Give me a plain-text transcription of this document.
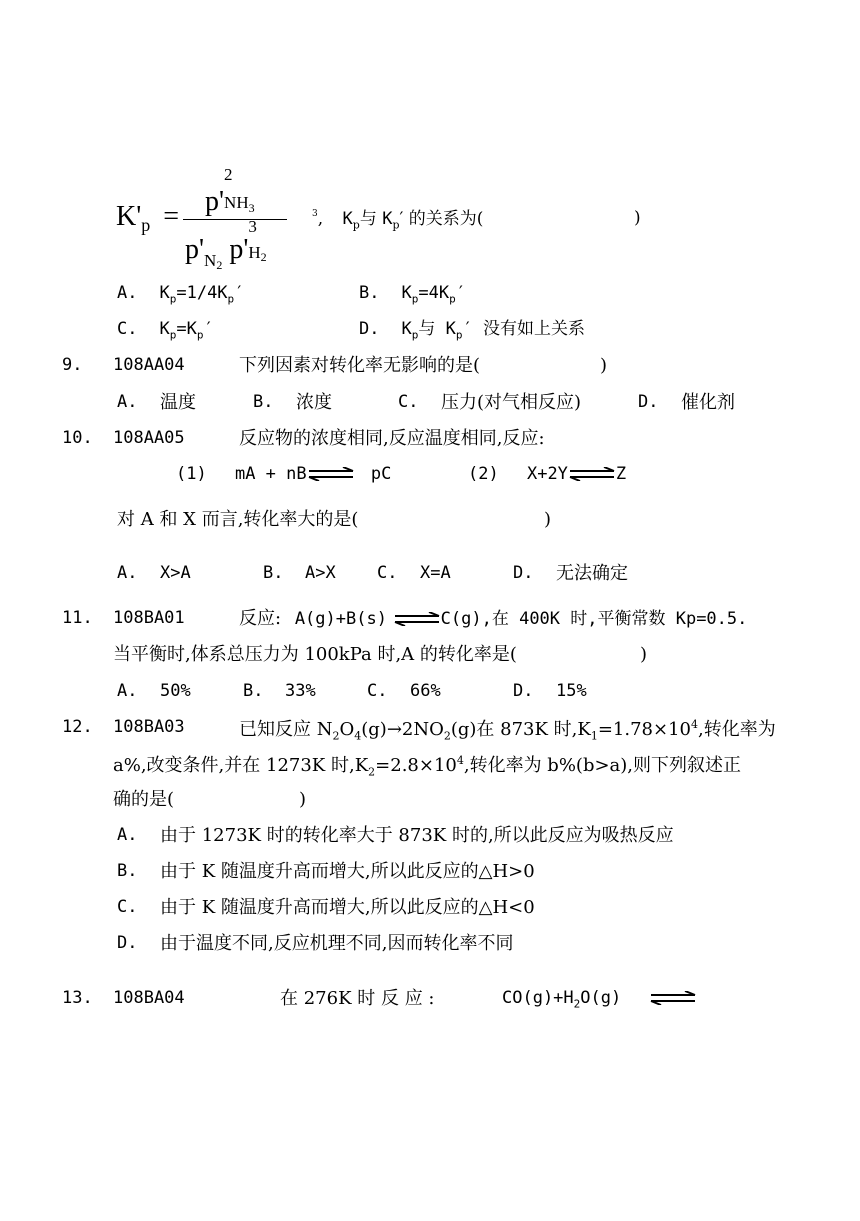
$K'_p = p'$
2
$NH_3$
$p'_{N2}$ p'
3
H2
$^3$, $K_p$与 $K_p'$ 的关系为(	)
A. $K_p=1/4K_p'$	B. $K_p=4K_p'$
C. $K_p=K_p'$	D. $K_p$与 $K_p'$ 没有如上关系
9. 108AA04	下列因素对转化率无影响的是(	)
A. 温度	B. 浓度	C. 压力(对气相反应)	D. 催化剂
10. 108AA05	反应物的浓度相同,反应温度相同,反应:
(1) mA + nB⇌ pC	(2) X+2Y⇌Z
对 A 和 X 而言,转化率大的是(	)
A. X>A	B. A>X C. X=A	D. 无法确定
11. 108BA01	反应: A(g)+B(s) ⇌C(g),在 400K 时,平衡常数 Kp=0.5.
当平衡时,体系总压力为 100kPa 时,A 的转化率是(	)
A. 50%	B. 33%	C. 66%	D. 15%
12. 108BA03	已知反应 $N_2O_4(g)\to 2NO_2(g)$在 873K 时$,K_1=1.78\times 10^4$,转化率为
a%,改变条件,并在 1273K 时$,K_2=2.8\times 10^4$,转化率为 b%(b>a),则下列叙述正
确的是(	)
A. 由于 1273K 时的转化率大于 873K 时的,所以此反应为吸热反应
B. 由于 K 随温度升高而增大,所以此反应的△H>0
C. 由于 K 随温度升高而增大,所以此反应的△H<0
D. 由于温度不同,反应机理不同,因而转化率不同
13. 108BA04	在 276K 时 反 应 :	$CO(g)+H_2O(g)$
